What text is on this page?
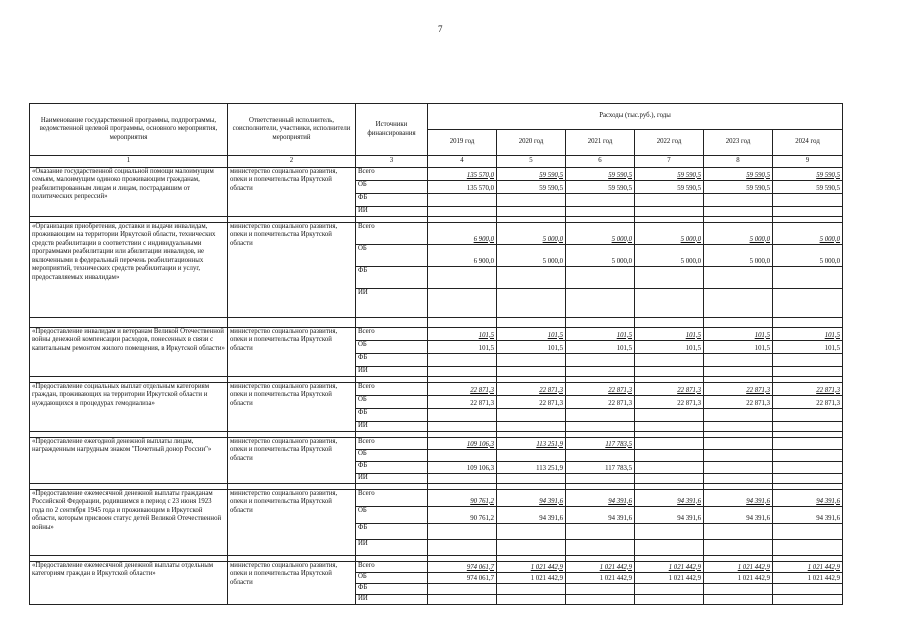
7
Наименование государственной программы, подпрограммы, ведомственной целевой программы, основного мероприятия, мероприятия	Ответственный исполнитель, соисполнители, участники, исполнители мероприятий	Источники финансирования	Расходы (тыс.руб.), годы					
			2019 год	2020 год	2021 год	2022 год	2023 год	2024 год
1	2	3	4	5	6	7	8	9
«Оказание государственной социальной помощи малоимущим семьям, малоимущим одиноко проживающим гражданам, реабилитированным лицам и лицам, пострадавшим от политических репрессий»	министерство социального развития, опеки и попечительства Иркутской области	Всего	135 570,0	59 590,5	59 590,5	59 590,5	59 590,5	59 590,5
		ОБ	135 570,0	59 590,5	59 590,5	59 590,5	59 590,5	59 590,5
		ФБ						
		ИИ						

«Организация приобретения, доставки и выдачи инвалидам, проживающим на территории Иркутской области, технических средств реабилитации в соответствии с индивидуальными программами реабилитации или абилитации инвалидов, не включенными в федеральный перечень реабилитационных мероприятий, технических средств реабилитации и услуг, предоставляемых инвалидам»	министерство социального развития, опеки и попечительства Иркутской области	Всего	6 900,0	5 000,0	5 000,0	5 000,0	5 000,0	5 000,0
		ОБ	6 900,0	5 000,0	5 000,0	5 000,0	5 000,0	5 000,0
		ФБ						
		ИИ						

«Предоставление инвалидам и ветеранам Великой Отечественной войны денежной компенсации расходов, понесенных в связи с капитальным ремонтом жилого помещения, в Иркутской области»	министерство социального развития, опеки и попечительства Иркутской области	Всего	101,5	101,5	101,5	101,5	101,5	101,5
		ОБ	101,5	101,5	101,5	101,5	101,5	101,5
		ФБ						
		ИИ						

«Предоставление социальных выплат отдельным категориям граждан, проживающих на территории Иркутской области и нуждающихся в процедурах гемодиализа»	министерство социального развития, опеки и попечительства Иркутской области	Всего	22 871,3	22 871,3	22 871,3	22 871,3	22 871,3	22 871,3
		ОБ	22 871,3	22 871,3	22 871,3	22 871,3	22 871,3	22 871,3
		ФБ						
		ИИ						

«Предоставление ежегодной денежной выплаты лицам, награжденным нагрудным знаком "Почетный донор России"»	министерство социального развития, опеки и попечительства Иркутской области	Всего	109 106,3	113 251,9	117 783,5			
		ОБ						
		ФБ	109 106,3	113 251,9	117 783,5			
		ИИ						

«Предоставление ежемесячной денежной выплаты гражданам Российской Федерации, родившимся в период с 23 июня 1923 года по 2 сентября 1945 года и проживающим в Иркутской области, которым присвоен статус детей Великой Отечественной войны»	министерство социального развития, опеки и попечительства Иркутской области	Всего	90 761,2	94 391,6	94 391,6	94 391,6	94 391,6	94 391,6
		ОБ	90 761,2	94 391,6	94 391,6	94 391,6	94 391,6	94 391,6
		ФБ						
		ИИ						

«Предоставление ежемесячной денежной выплаты отдельным категориям граждан в Иркутской области»	министерство социального развития, опеки и попечительства Иркутской области	Всего	974 061,7	1 021 442,9	1 021 442,9	1 021 442,9	1 021 442,9	1 021 442,9
		ОБ	974 061,7	1 021 442,9	1 021 442,9	1 021 442,9	1 021 442,9	1 021 442,9
		ФБ						
		ИИ						
